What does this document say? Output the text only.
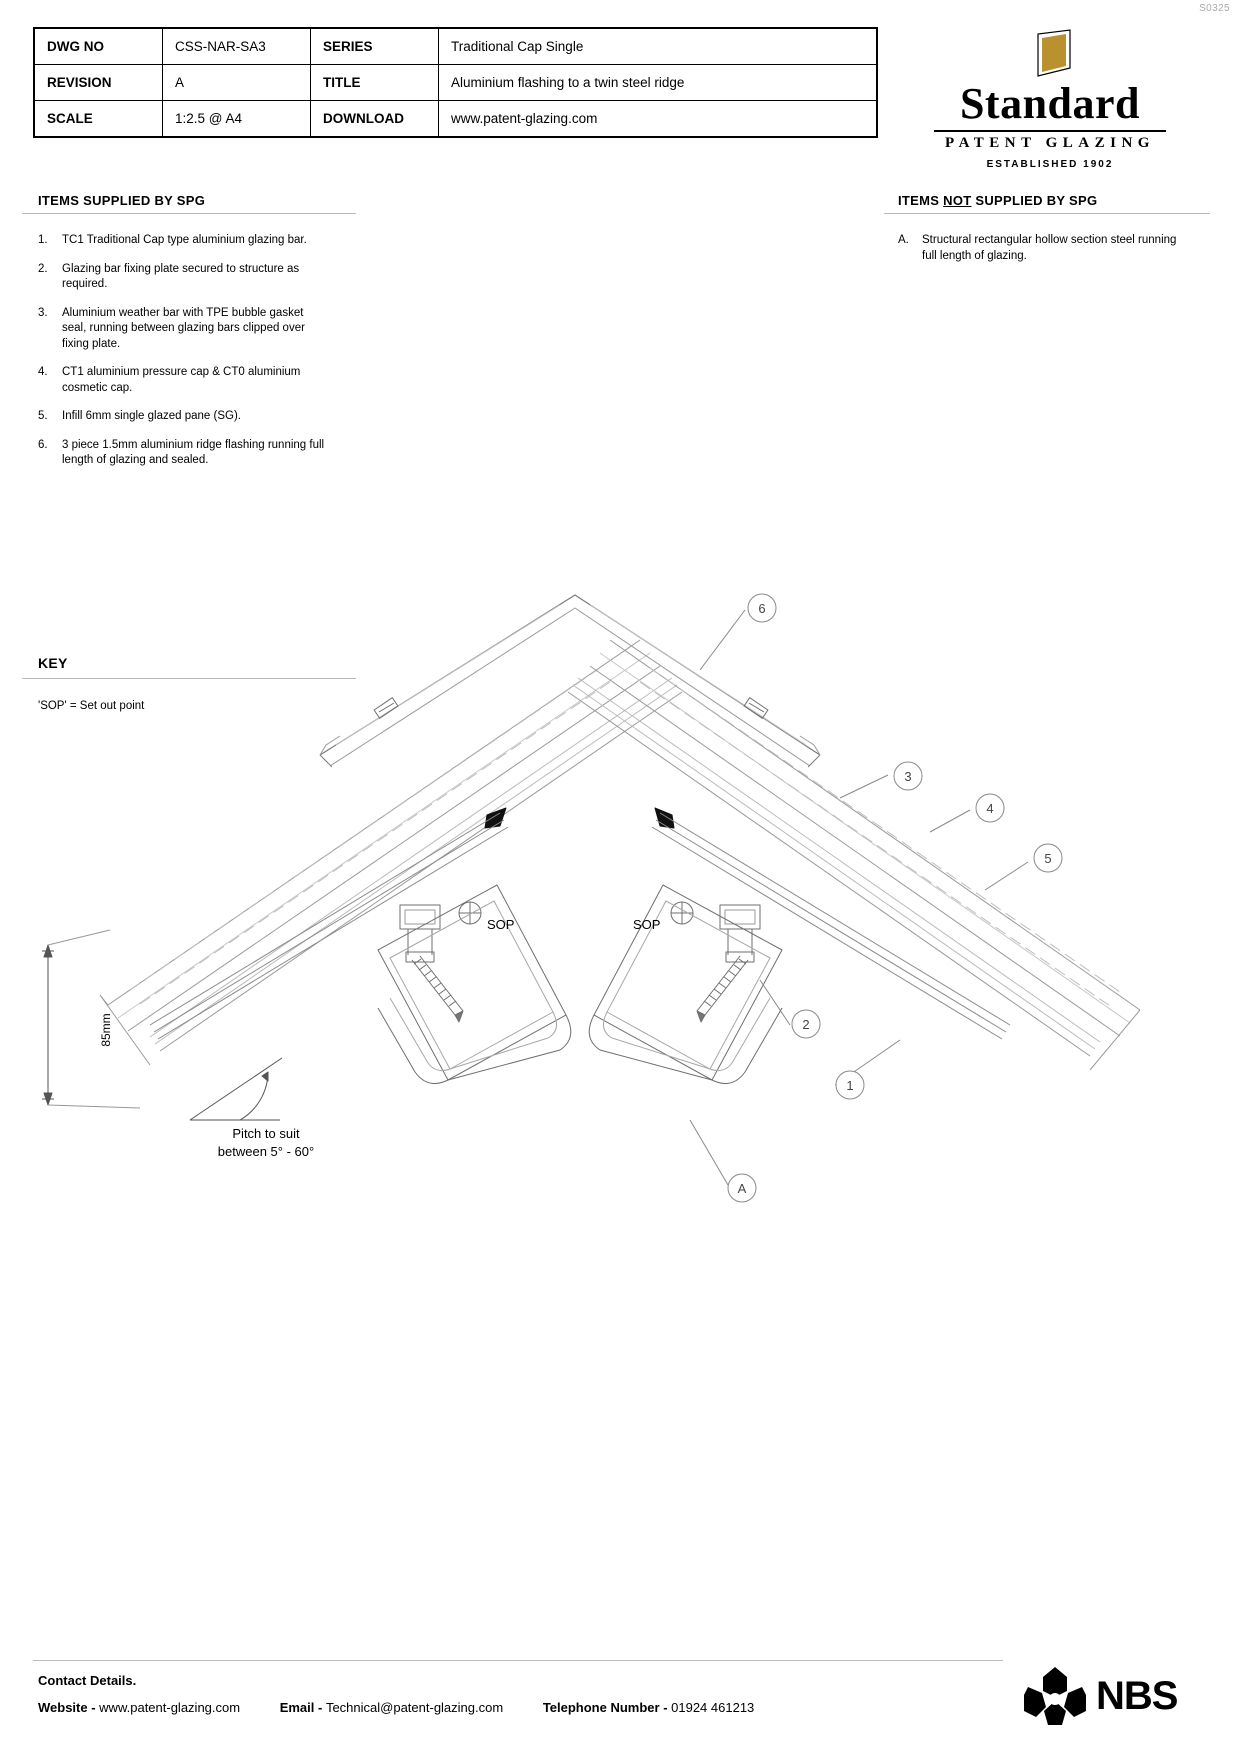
S0325
DWG NO	CSS-NAR-SA3	SERIES	Traditional Cap Single
REVISION	A	TITLE	Aluminium flashing to a twin steel ridge
SCALE	1:2.5 @ A4	DOWNLOAD	www.patent-glazing.com	Standard
PATENT GLAZING
ESTABLISHED 1902
ITEMS SUPPLIED BY SPG
1.	TC1 Traditional Cap type aluminium glazing bar.
2.	Glazing bar fixing plate secured to structure as required.
3.	Aluminium weather bar with TPE bubble gasket seal, running between glazing bars clipped over fixing plate.
4.	CT1 aluminium pressure cap & CT0 aluminium cosmetic cap.
5.	Infill 6mm single glazed pane (SG).
6.	3 piece 1.5mm aluminium ridge flashing running full length of glazing and sealed.
ITEMS NOT SUPPLIED BY SPG
A.	Structural rectangular hollow section steel running full length of glazing.
KEY
'SOP' = Set out point
6
3
4
5
2
1
A
SOP	SOP
85mm
Pitch to suit
between 5° - 60°
Contact Details.
Website - www.patent-glazing.com	Email - Technical@patent-glazing.com	Telephone Number - 01924 461213	NBS
